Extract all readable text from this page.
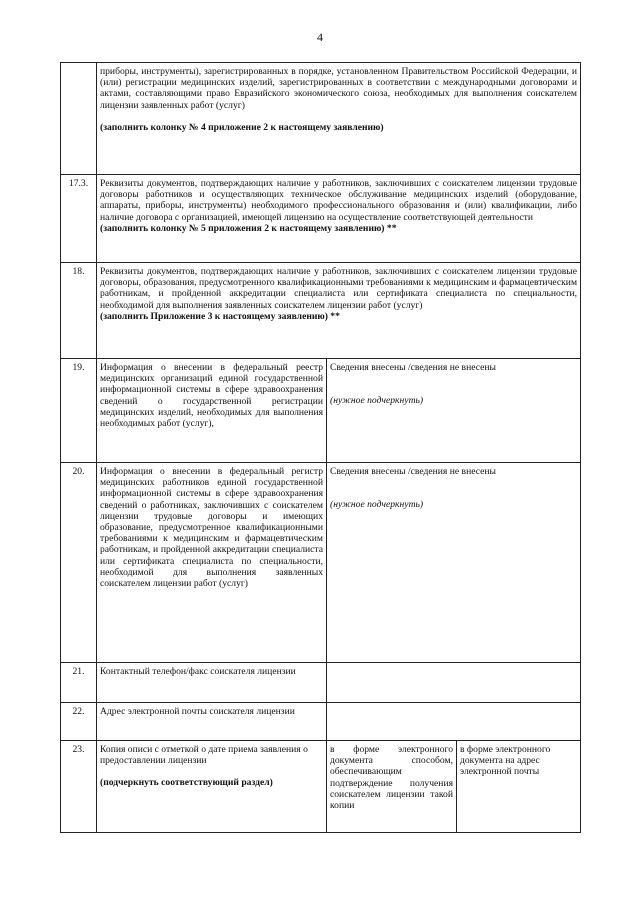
4

	приборы, инструменты), зарегистрированных в порядке, установленном Правительством Российской Федерации, и (или) регистрации медицинских изделий, зарегистрированных в соответствии с международными договорами и актами, составляющими право Евразийского экономического союза, необходимых для выполнения соискателем лицензии заявленных работ (услуг)

(заполнить колонку № 4 приложение 2 к настоящему заявлению)		

17.3.	Реквизиты документов, подтверждающих наличие у работников, заключивших с соискателем лицензии трудовые договоры работников и осуществляющих техническое обслуживание медицинских изделий (оборудование, аппараты, приборы, инструменты) необходимого профессионального образования и (или) квалификации, либо наличие договора с организацией, имеющей лицензию на осуществление соответствующей деятельности

(заполнить колонку № 5 приложения 2 к настоящему заявлению) **		

18.	Реквизиты документов, подтверждающих наличие у работников, заключивших с соискателем лицензии трудовые договоры, образования, предусмотренного квалификационными требованиями к медицинским и фармацевтическим работникам, и пройденной аккредитации специалиста или сертификата специалиста по специальности, необходимой для выполнения заявленных соискателем лицензии работ (услуг)

(заполнить Приложение 3 к настоящему заявлению) **		

19.	Информация о внесении в федеральный реестр медицинских организаций единой государственной информационной системы в сфере здравоохранения сведений о государственной регистрации медицинских изделий, необходимых для выполнения необходимых работ (услуг),	Сведения внесены /сведения не внесены

(нужное подчеркнуть)	

20.	Информация о внесении в федеральный регистр медицинских работников единой государственной информационной системы в сфере здравоохранения сведений о работниках, заключивших с соискателем лицензии трудовые договоры и имеющих образование, предусмотренное квалификационными требованиями к медицинским и фармацевтическим работникам, и пройденной аккредитации специалиста или сертификата специалиста по специальности, необходимой для выполнения заявленных соискателем лицензии работ (услуг)	Сведения внесены /сведения не внесены

(нужное подчеркнуть)	

21.	Контактный телефон/факс соискателя лицензии		
22.	Адрес электронной почты соискателя лицензии		
23.	Копия описи с отметкой о дате приема заявления о предоставлении лицензии

(подчеркнуть соответствующий раздел)	в форме электронного документа способом, обеспечивающим подтверждение получения соискателем лицензии такой копии	в форме электронного документа на адрес электронной почты
